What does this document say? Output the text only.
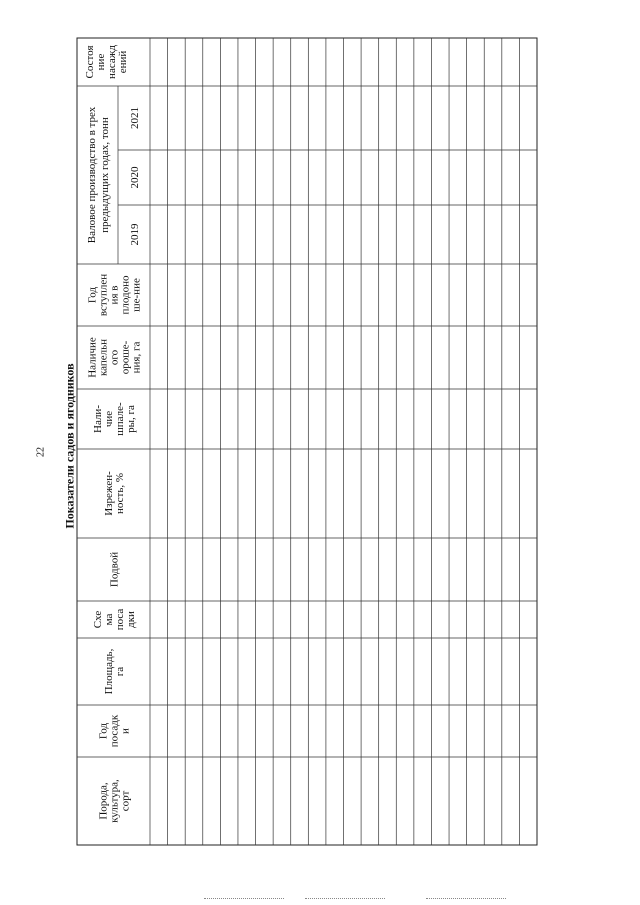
22 Показатели садов и ягодников
Порода, культура, сорт
Год посадк и
Площадь, га
Схе ма поса дки
Подвой
Изрежен- ность, %
Нали- чие шпале- ры, га
Наличие капельн ого ороше- ния, га
Год вступлен ия в плодоно ше-ние
Валовое производство в трех предыдущих годах, тонн
Состоя ние насажд ений
2019
2020
2021
